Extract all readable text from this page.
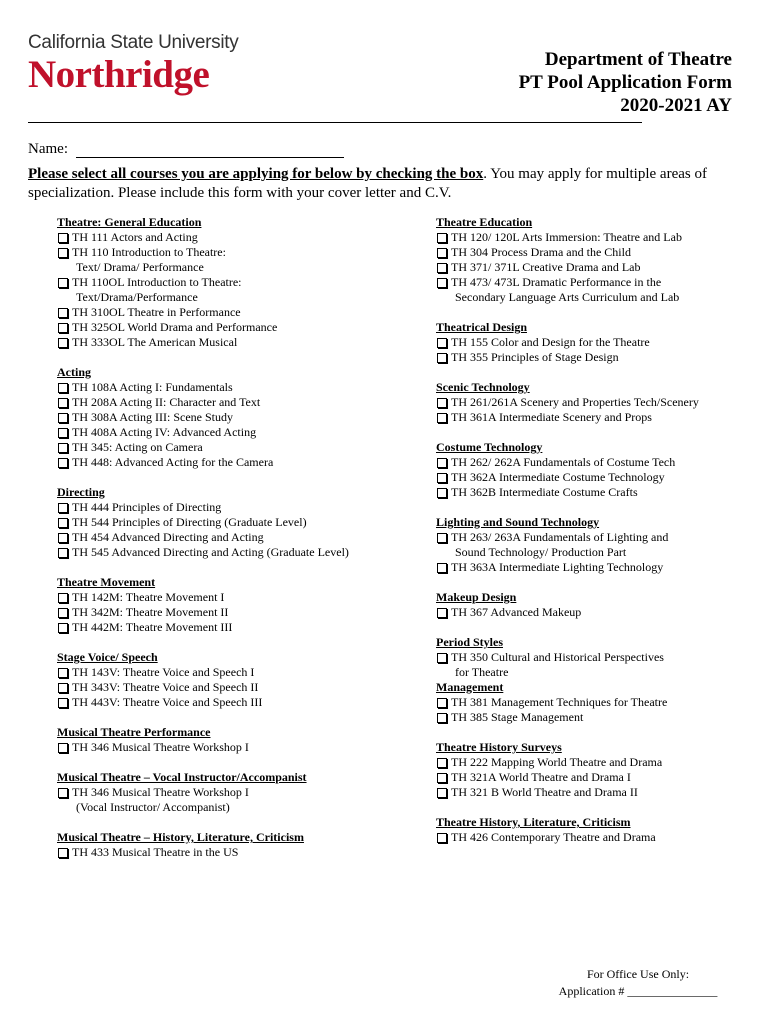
California State University
Northridge	Department of Theatre
PT Pool Application Form
2020-2021 AY
Name:
Please select all courses you are applying for below by checking the box. You may apply for multiple areas of specialization. Please include this form with your cover letter and C.V.
Theatre: General Education
TH 111 Actors and Acting
TH 110 Introduction to Theatre:
Text/ Drama/ Performance
TH 110OL Introduction to Theatre:
Text/Drama/Performance
TH 310OL Theatre in Performance
TH 325OL World Drama and Performance
TH 333OL The American Musical
Acting
TH 108A Acting I: Fundamentals
TH 208A Acting II: Character and Text
TH 308A Acting III: Scene Study
TH 408A Acting IV: Advanced Acting
TH 345: Acting on Camera
TH 448: Advanced Acting for the Camera
Directing
TH 444 Principles of Directing
TH 544 Principles of Directing (Graduate Level)
TH 454 Advanced Directing and Acting
TH 545 Advanced Directing and Acting (Graduate Level)
Theatre Movement
TH 142M: Theatre Movement I
TH 342M: Theatre Movement II
TH 442M: Theatre Movement III
Stage Voice/ Speech
TH 143V: Theatre Voice and Speech I
TH 343V: Theatre Voice and Speech II
TH 443V: Theatre Voice and Speech III
Musical Theatre Performance
TH 346 Musical Theatre Workshop I
Musical Theatre – Vocal Instructor/Accompanist
TH 346 Musical Theatre Workshop I
(Vocal Instructor/ Accompanist)
Musical Theatre – History, Literature, Criticism
TH 433 Musical Theatre in the US
Theatre Education
TH 120/ 120L Arts Immersion: Theatre and Lab
TH 304 Process Drama and the Child
TH 371/ 371L Creative Drama and Lab
TH 473/ 473L Dramatic Performance in the
Secondary Language Arts Curriculum and Lab
Theatrical Design
TH 155 Color and Design for the Theatre
TH 355 Principles of Stage Design
Scenic Technology
TH 261/261A Scenery and Properties Tech/Scenery
TH 361A Intermediate Scenery and Props
Costume Technology
TH 262/ 262A Fundamentals of Costume Tech
TH 362A Intermediate Costume Technology
TH 362B Intermediate Costume Crafts
Lighting and Sound Technology
TH 263/ 263A Fundamentals of Lighting and
Sound Technology/ Production Part
TH 363A Intermediate Lighting Technology
Makeup Design
TH 367 Advanced Makeup
Period Styles
TH 350 Cultural and Historical Perspectives
for Theatre
Management
TH 381 Management Techniques for Theatre
TH 385 Stage Management
Theatre History Surveys
TH 222 Mapping World Theatre and Drama
TH 321A World Theatre and Drama I
TH 321 B World Theatre and Drama II
Theatre History, Literature, Criticism
TH 426 Contemporary Theatre and Drama
For Office Use Only:
Application # _______________
